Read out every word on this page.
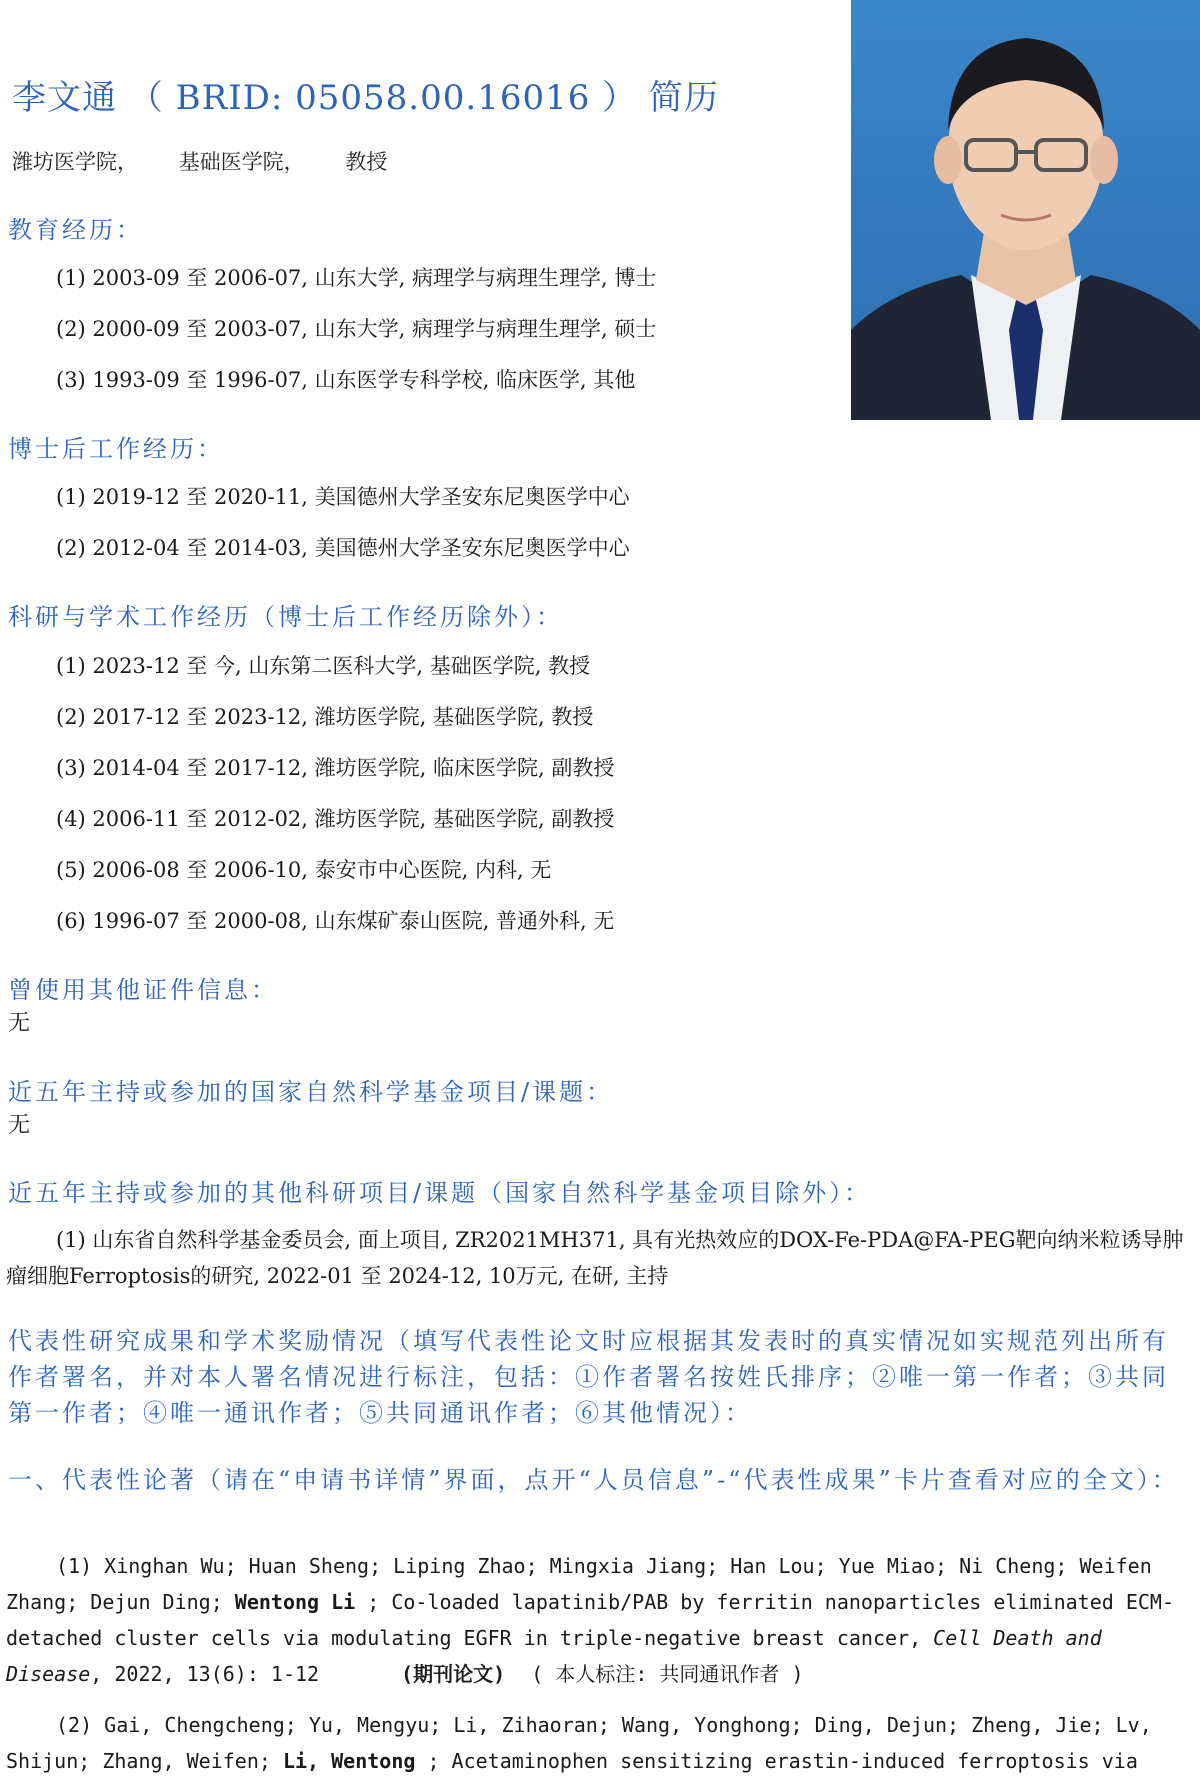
李文通 （ BRID: 05058.00.16016 ） 简历
潍坊医学院， 基础医学院， 教授
教育经历：
(1) 2003-09 至 2006-07, 山东大学, 病理学与病理生理学, 博士
(2) 2000-09 至 2003-07, 山东大学, 病理学与病理生理学, 硕士
(3) 1993-09 至 1996-07, 山东医学专科学校, 临床医学, 其他
博士后工作经历：
(1) 2019-12 至 2020-11, 美国德州大学圣安东尼奥医学中心
(2) 2012-04 至 2014-03, 美国德州大学圣安东尼奥医学中心
科研与学术工作经历（博士后工作经历除外）：
(1) 2023-12 至 今, 山东第二医科大学, 基础医学院, 教授
(2) 2017-12 至 2023-12, 潍坊医学院, 基础医学院, 教授
(3) 2014-04 至 2017-12, 潍坊医学院, 临床医学院, 副教授
(4) 2006-11 至 2012-02, 潍坊医学院, 基础医学院, 副教授
(5) 2006-08 至 2006-10, 泰安市中心医院, 内科, 无
(6) 1996-07 至 2000-08, 山东煤矿泰山医院, 普通外科, 无
曾使用其他证件信息：
无
近五年主持或参加的国家自然科学基金项目/课题：
无
近五年主持或参加的其他科研项目/课题（国家自然科学基金项目除外）：

(1) 山东省自然科学基金委员会, 面上项目, ZR2021MH371, 具有光热效应的DOX-Fe-PDA@FA-PEG靶向纳米粒诱导肿瘤细胞Ferroptosis的研究, 2022-01 至 2024-12, 10万元, 在研, 主持

代表性研究成果和学术奖励情况（填写代表性论文时应根据其发表时的真实情况如实规范列出所有作者署名，并对本人署名情况进行标注，包括：①作者署名按姓氏排序；②唯一第一作者；③共同第一作者；④唯一通讯作者；⑤共同通讯作者；⑥其他情况）：
一、代表性论著（请在“申请书详情”界面，点开“人员信息”-“代表性成果”卡片查看对应的全文）：

(1) Xinghan Wu; Huan Sheng; Liping Zhao; Mingxia Jiang; Han Lou; Yue Miao; Ni Cheng; Weifen Zhang; Dejun Ding; Wentong Li ; Co-loaded lapatinib/PAB by ferritin nanoparticles eliminated ECM-detached cluster cells via modulating EGFR in triple-negative breast cancer, Cell Death and Disease, 2022, 13(6): 1-12	(期刊论文) ( 本人标注: 共同通讯作者 )

(2) Gai, Chengcheng; Yu, Mengyu; Li, Zihaoran; Wang, Yonghong; Ding, Dejun; Zheng, Jie; Lv, Shijun; Zhang, Weifen; Li, Wentong ; Acetaminophen sensitizing erastin-induced ferroptosis via
